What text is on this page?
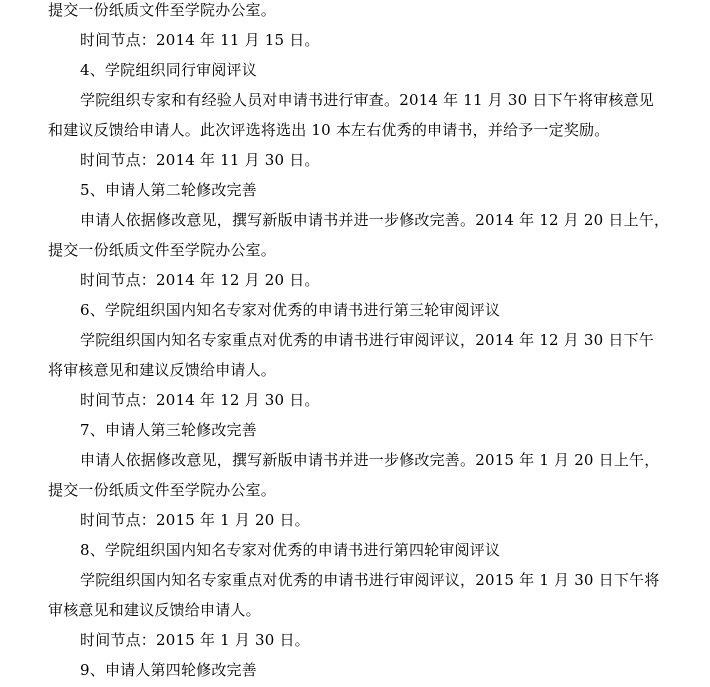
提交一份纸质文件至学院办公室。
时间节点：2014 年 11 月 15 日。
4、学院组织同行审阅评议
学院组织专家和有经验人员对申请书进行审查。2014 年 11 月 30 日下午将审核意见
和建议反馈给申请人。此次评选将选出 10 本左右优秀的申请书，并给予一定奖励。
时间节点：2014 年 11 月 30 日。
5、申请人第二轮修改完善
申请人依据修改意见，撰写新版申请书并进一步修改完善。2014 年 12 月 20 日上午，
提交一份纸质文件至学院办公室。
时间节点：2014 年 12 月 20 日。
6、学院组织国内知名专家对优秀的申请书进行第三轮审阅评议
学院组织国内知名专家重点对优秀的申请书进行审阅评议，2014 年 12 月 30 日下午
将审核意见和建议反馈给申请人。
时间节点：2014 年 12 月 30 日。
7、申请人第三轮修改完善
申请人依据修改意见，撰写新版申请书并进一步修改完善。2015 年 1 月 20 日上午，
提交一份纸质文件至学院办公室。
时间节点：2015 年 1 月 20 日。
8、学院组织国内知名专家对优秀的申请书进行第四轮审阅评议
学院组织国内知名专家重点对优秀的申请书进行审阅评议，2015 年 1 月 30 日下午将
审核意见和建议反馈给申请人。
时间节点：2015 年 1 月 30 日。
9、申请人第四轮修改完善
